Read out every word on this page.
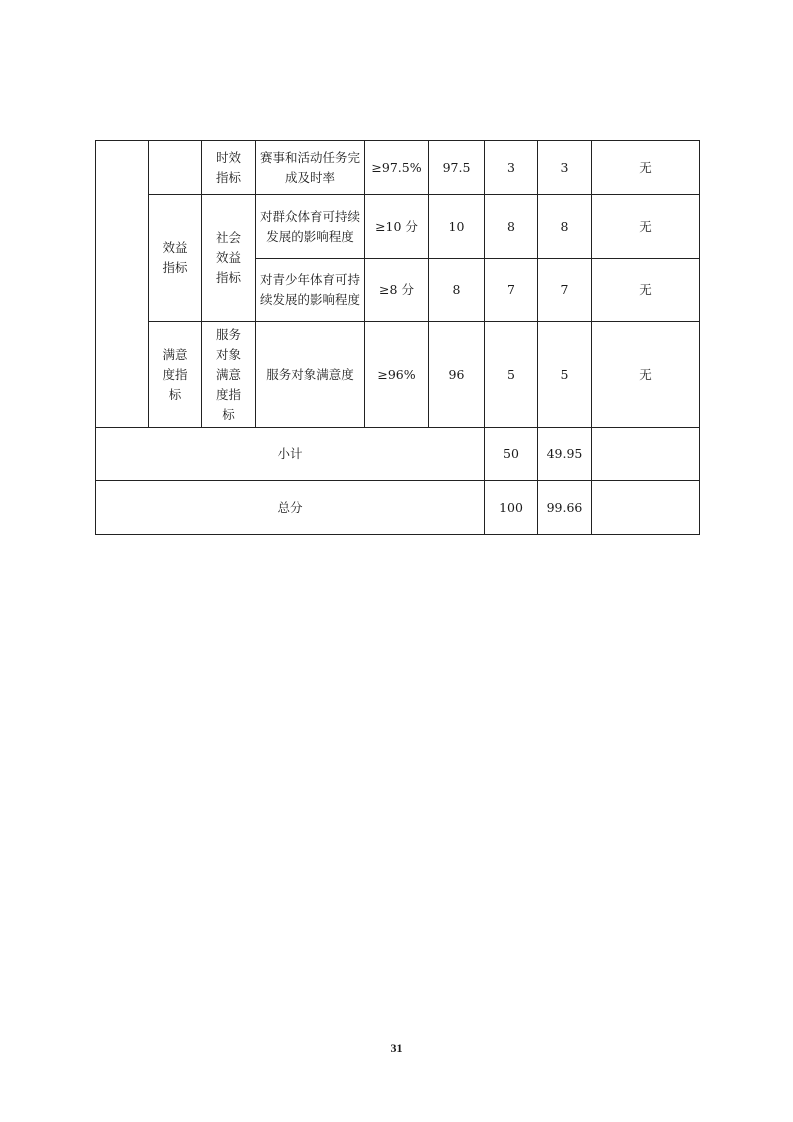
		时效指标	赛事和活动任务完成及时率	≥97.5%	97.5	3	3	无

	效益指标	社会效益指标	对群众体育可持续发展的影响程度	≥10 分	10	8	8	无
			对青少年体育可持续发展的影响程度	≥8 分	8	7	7	无

	满意度指标	服务对象满意度指标	服务对象满意度	≥96%	96	5	5	无
小计						50	49.95	
总分						100	99.66	
31
